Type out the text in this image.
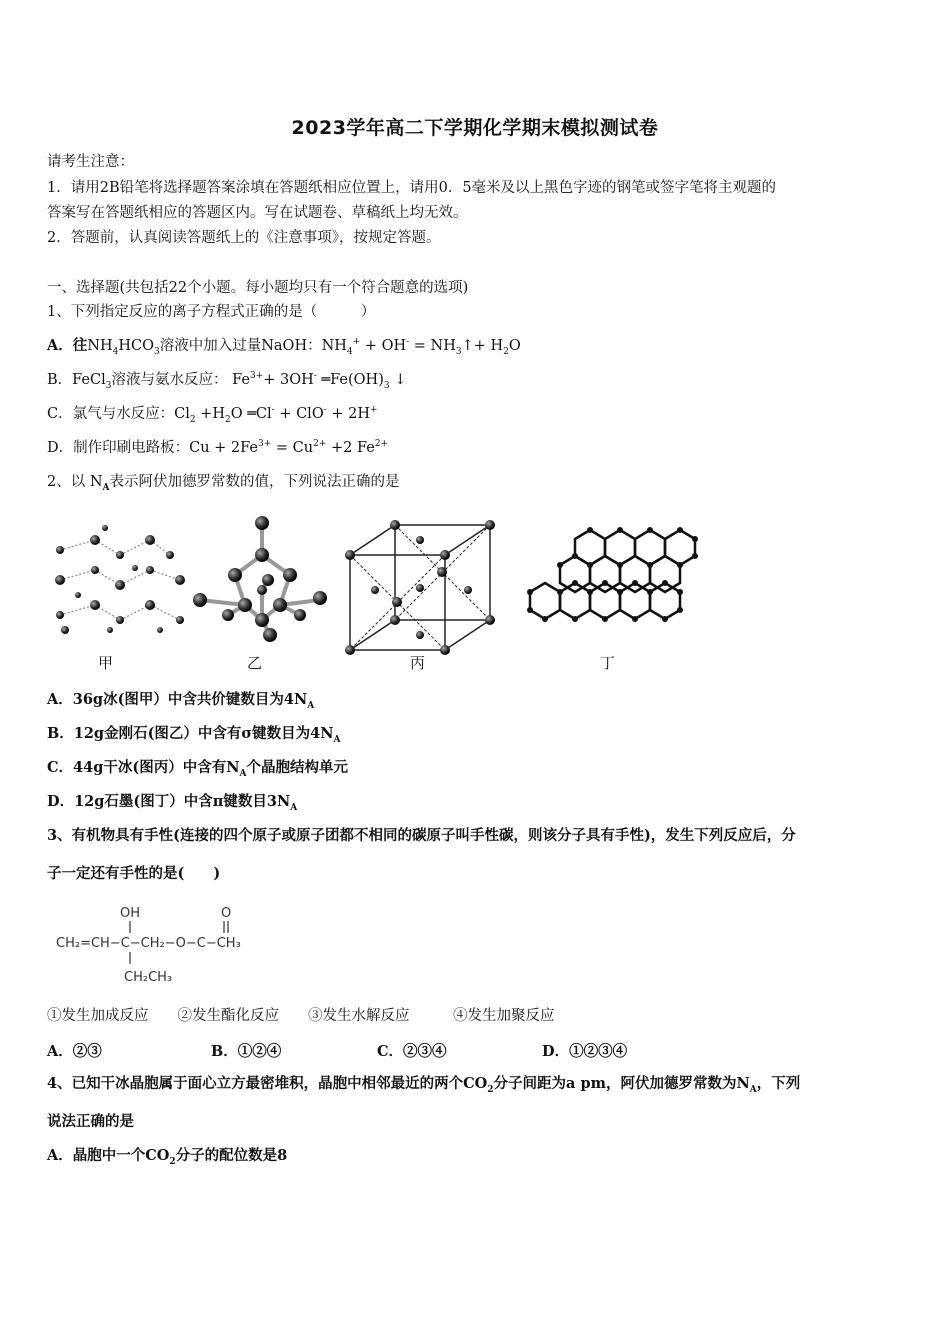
2023学年高二下学期化学期末模拟测试卷
请考生注意：
1．请用2B铅笔将选择题答案涂填在答题纸相应位置上，请用0．5毫米及以上黑色字迹的钢笔或签字笔将主观题的
答案写在答题纸相应的答题区内。写在试题卷、草稿纸上均无效。
2．答题前，认真阅读答题纸上的《注意事项》，按规定答题。
一、选择题(共包括22个小题。每小题均只有一个符合题意的选项)
1、下列指定反应的离子方程式正确的是（　　　）
A．往$NH_4HCO_3$溶液中加入过量NaOH：$NH_4^+ + OH^-$ = $NH_3↑+ H_2O$
B．FeCl$_3$溶液与氨水反应： $Fe^{3+}+ 3OH^-$ $═Fe(OH)_3$ ↓
C．氯气与水反应：$Cl_2 +H_2O$ ═Cl- + ClO- + 2H+
D．制作印刷电路板：$Cu + 2Fe^{3+} = Cu^{2+} +2$ $Fe^{2+}$
2、以 $N_A$表示阿伏加德罗常数的值，下列说法正确的是
甲	乙	丙	丁
A．36g冰(图甲）中含共价键数目为$4N_A$
B．12g金刚石(图乙）中含有σ键数目为$4N_A$
C．44g干冰(图丙）中含有$N_A$个晶胞结构单元
D．12g石墨(图丁）中含π键数目$3N_A$
3、有机物具有手性(连接的四个原子或原子团都不相同的碳原子叫手性碳，则该分子具有手性)，发生下列反应后，分
子一定还有手性的是(　　)
OH	O
CH₂=CH−C−CH₂−O−C−CH₃
CH₂CH₃
①发生加成反应　　②发生酯化反应　　③发生水解反应　　　④发生加聚反应
A．②③	B．①②④	C．②③④	D．①②③④
4、已知干冰晶胞属于面心立方最密堆积，晶胞中相邻最近的两个$CO_2$分子间距为a pm，阿伏加德罗常数为$N_A$，下列
说法正确的是
A．晶胞中一个$CO_2$分子的配位数是8
